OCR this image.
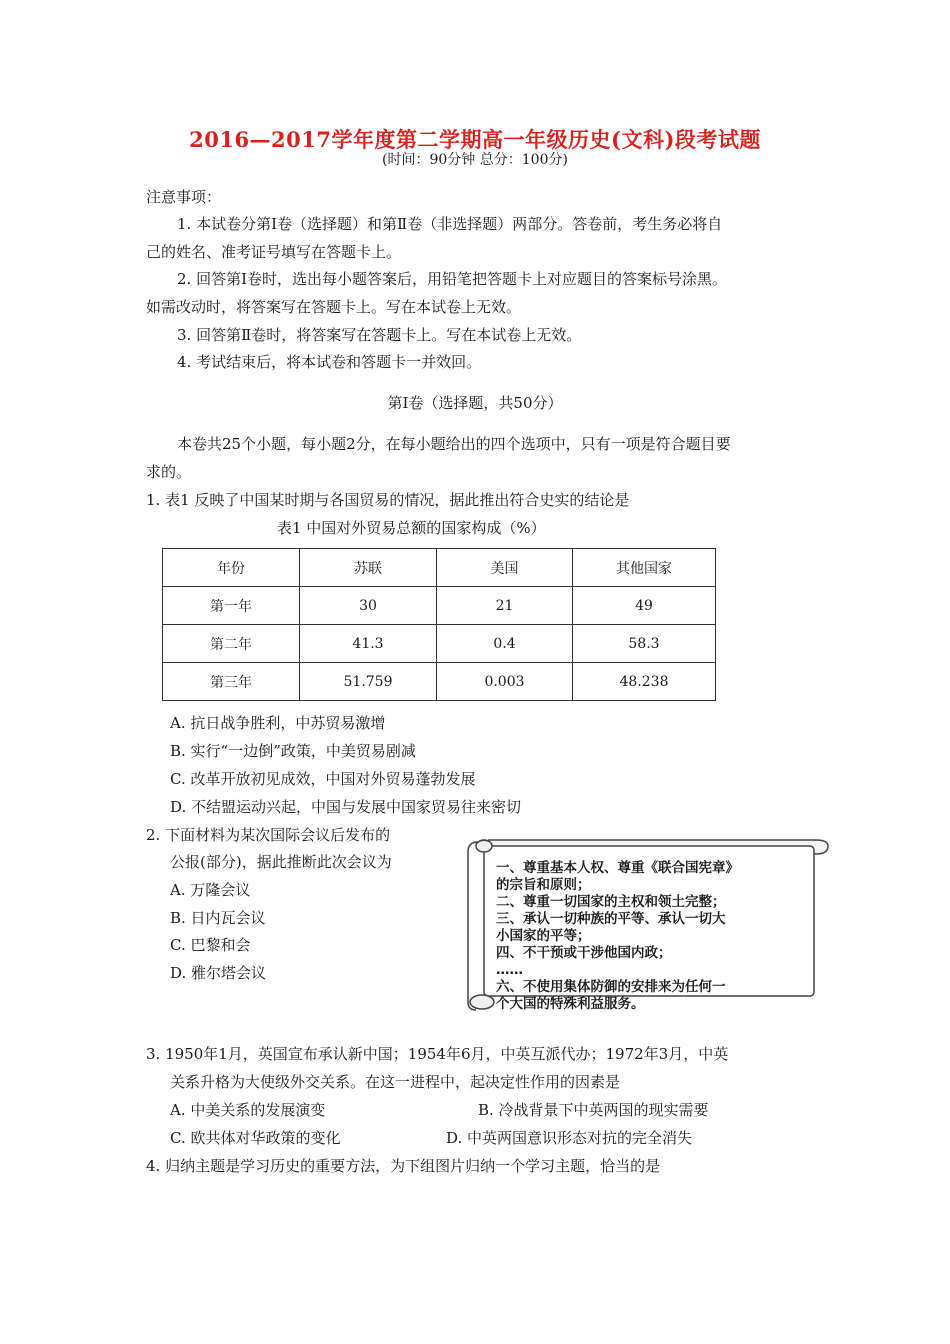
2016—2017学年度第二学期高一年级历史(文科)段考试题
(时间：90分钟 总分：100分)
注意事项：
1. 本试卷分第Ⅰ卷（选择题）和第Ⅱ卷（非选择题）两部分。答卷前，考生务必将自
己的姓名、准考证号填写在答题卡上。
2. 回答第Ⅰ卷时，选出每小题答案后，用铅笔把答题卡上对应题目的答案标号涂黑。
如需改动时，将答案写在答题卡上。写在本试卷上无效。
3. 回答第Ⅱ卷时，将答案写在答题卡上。写在本试卷上无效。
4. 考试结束后，将本试卷和答题卡一并效回。
第Ⅰ卷（选择题，共50分）
本卷共25个小题，每小题2分，在每小题给出的四个选项中，只有一项是符合题目要
求的。
1. 表1 反映了中国某时期与各国贸易的情况，据此推出符合史实的结论是
表1 中国对外贸易总额的国家构成（%）
年份	苏联	美国	其他国家
第一年	30	21	49
第二年	41.3	0.4	58.3
第三年	51.759	0.003	48.238
A. 抗日战争胜利，中苏贸易激增
B. 实行“一边倒”政策，中美贸易剧减
C. 改革开放初见成效，中国对外贸易蓬勃发展
D. 不结盟运动兴起，中国与发展中国家贸易往来密切
2. 下面材料为某次国际会议后发布的
公报(部分)，据此推断此次会议为
A. 万隆会议
B. 日内瓦会议
C. 巴黎和会
D. 雅尔塔会议
一、尊重基本人权、尊重《联合国宪章》
的宗旨和原则；
二、尊重一切国家的主权和领土完整；
三、承认一切种族的平等、承认一切大
小国家的平等；
四、不干预或干涉他国内政；
……
六、不使用集体防御的安排来为任何一
个大国的特殊利益服务。
3. 1950年1月，英国宣布承认新中国；1954年6月，中英互派代办；1972年3月，中英
关系升格为大使级外交关系。在这一进程中，起决定性作用的因素是
A. 中美关系的发展演变	B. 冷战背景下中英两国的现实需要
C. 欧共体对华政策的变化	D. 中英两国意识形态对抗的完全消失
4. 归纳主题是学习历史的重要方法，为下组图片归纳一个学习主题，恰当的是
